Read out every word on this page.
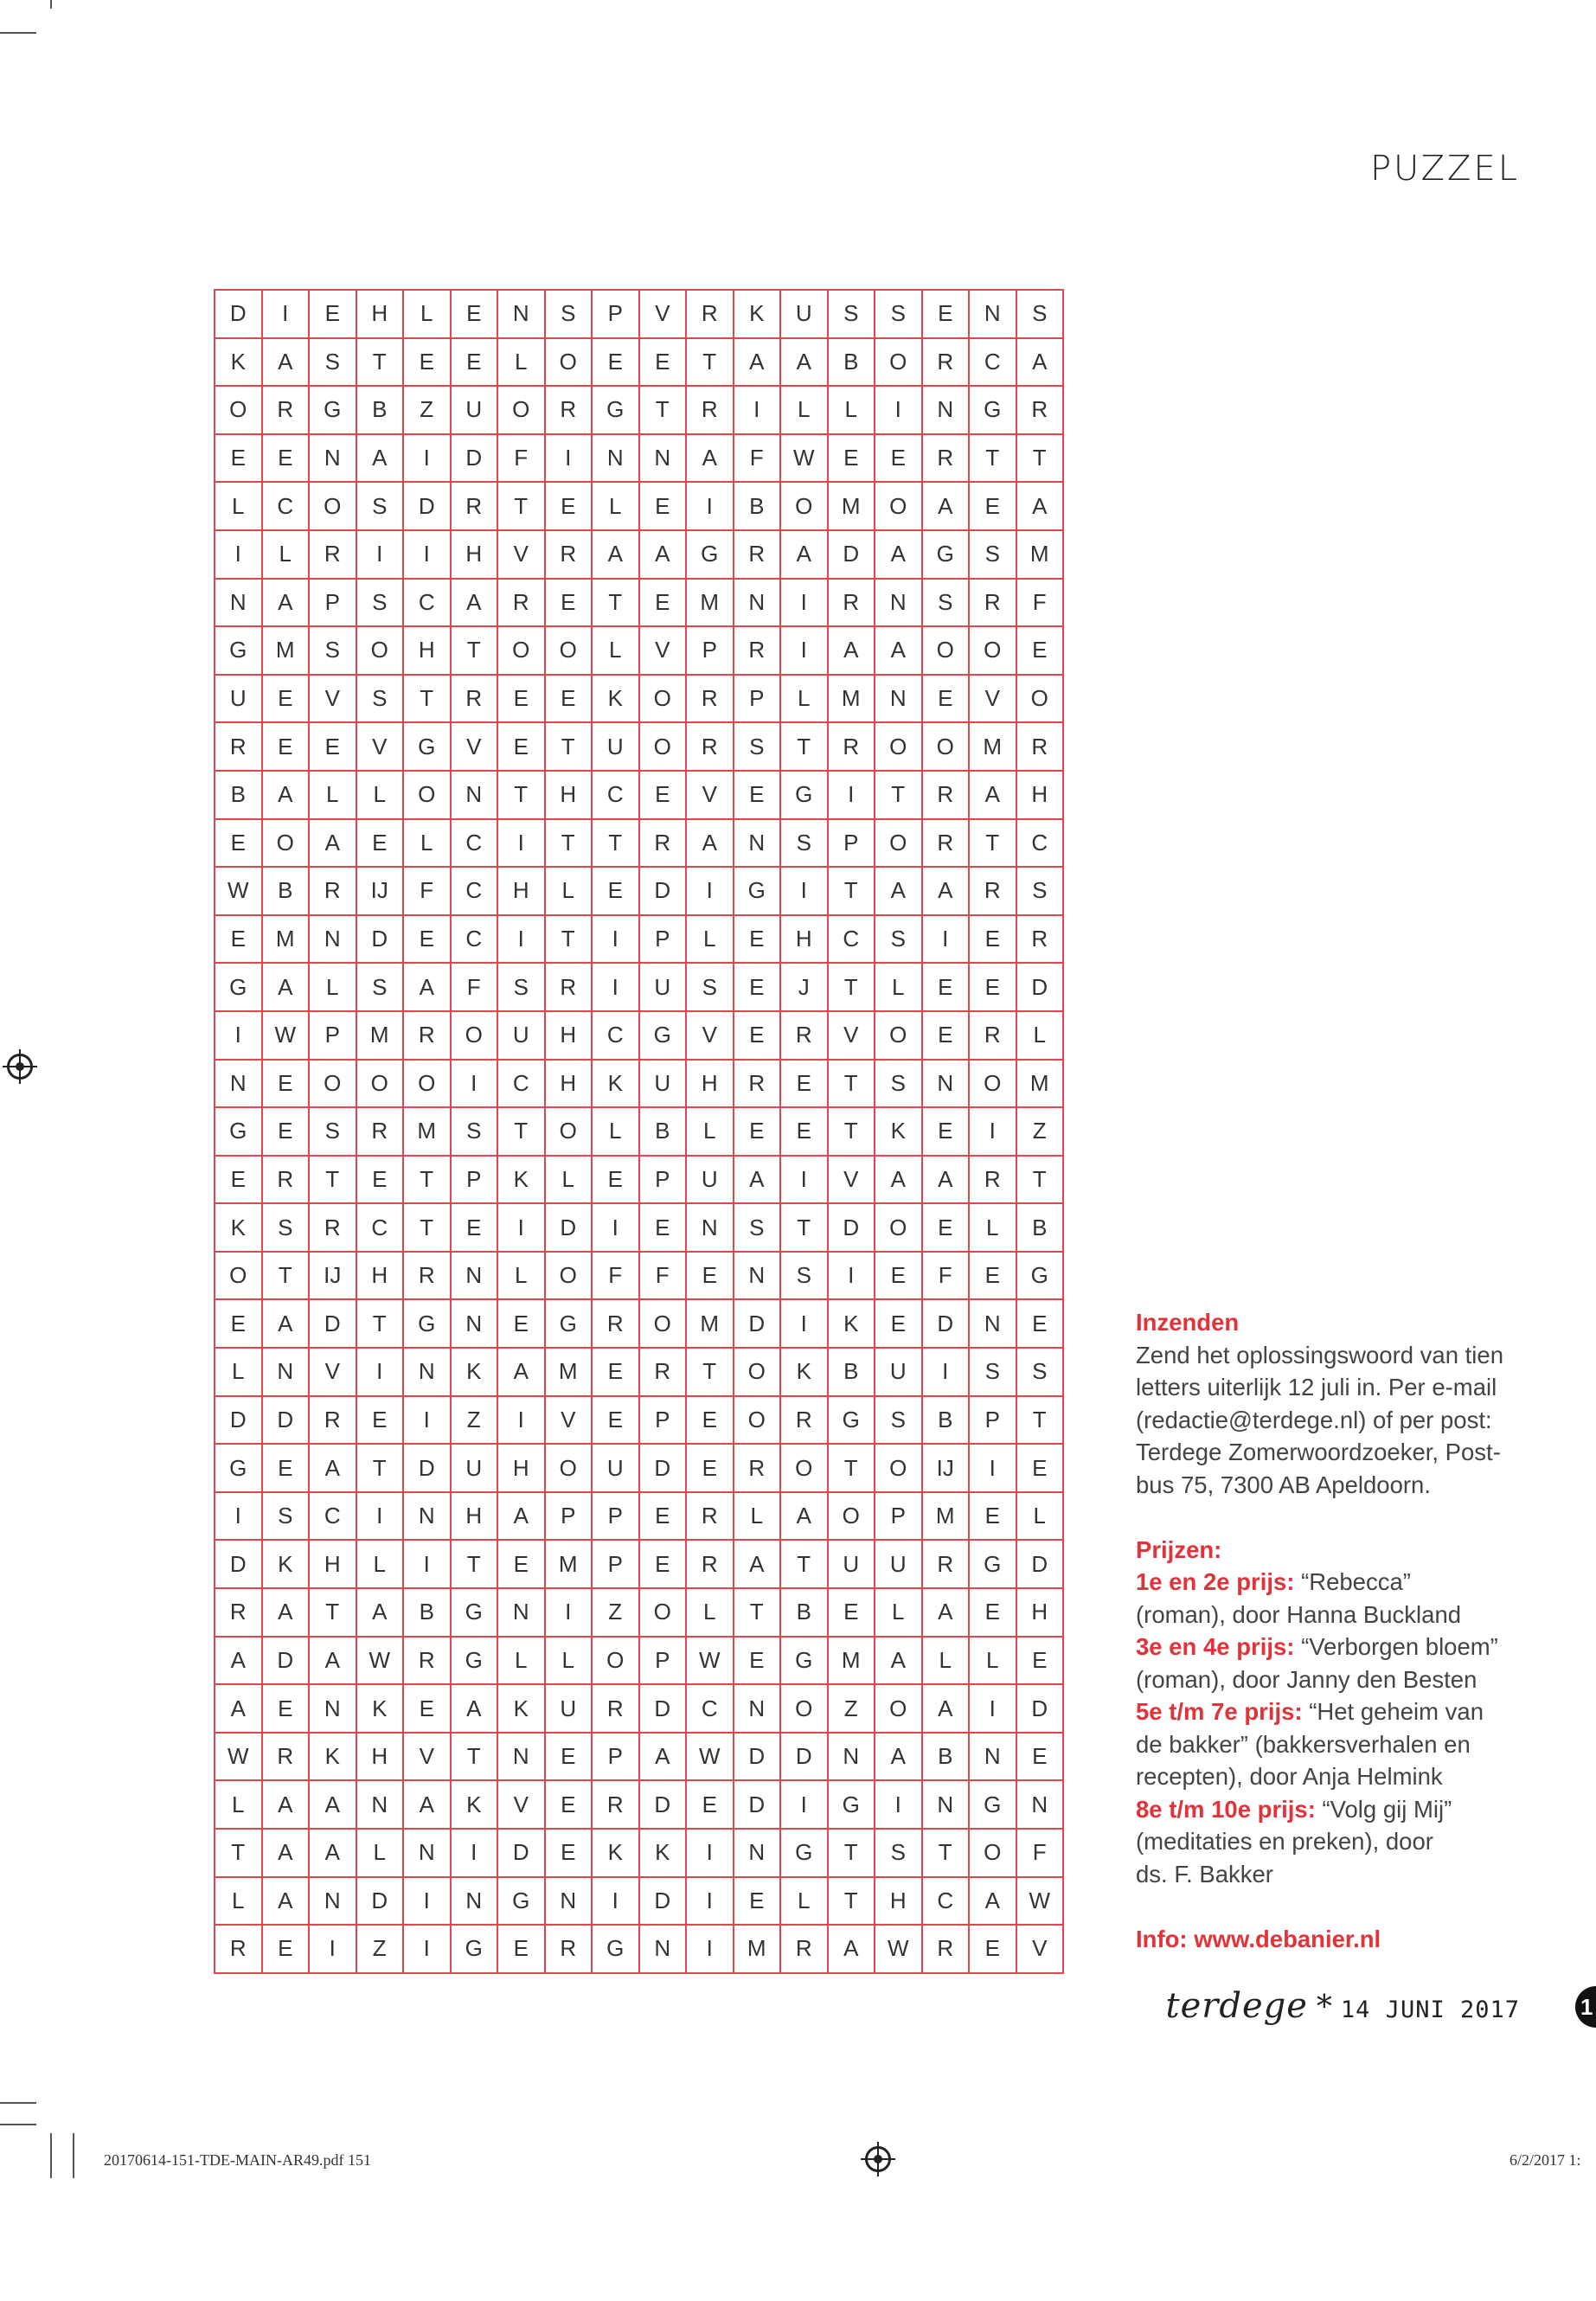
PUZZEL
D	I	E	H	L	E	N	S	P	V	R	K	U	S	S	E	N	S
K	A	S	T	E	E	L	O	E	E	T	A	A	B	O	R	C	A
O	R	G	B	Z	U	O	R	G	T	R	I	L	L	I	N	G	R
E	E	N	A	I	D	F	I	N	N	A	F	W	E	E	R	T	T
L	C	O	S	D	R	T	E	L	E	I	B	O	M	O	A	E	A
I	L	R	I	I	H	V	R	A	A	G	R	A	D	A	G	S	M
N	A	P	S	C	A	R	E	T	E	M	N	I	R	N	S	R	F
G	M	S	O	H	T	O	O	L	V	P	R	I	A	A	O	O	E
U	E	V	S	T	R	E	E	K	O	R	P	L	M	N	E	V	O
R	E	E	V	G	V	E	T	U	O	R	S	T	R	O	O	M	R
B	A	L	L	O	N	T	H	C	E	V	E	G	I	T	R	A	H
E	O	A	E	L	C	I	T	T	R	A	N	S	P	O	R	T	C
W	B	R	IJ	F	C	H	L	E	D	I	G	I	T	A	A	R	S
E	M	N	D	E	C	I	T	I	P	L	E	H	C	S	I	E	R
G	A	L	S	A	F	S	R	I	U	S	E	J	T	L	E	E	D
I	W	P	M	R	O	U	H	C	G	V	E	R	V	O	E	R	L
N	E	O	O	O	I	C	H	K	U	H	R	E	T	S	N	O	M
G	E	S	R	M	S	T	O	L	B	L	E	E	T	K	E	I	Z
E	R	T	E	T	P	K	L	E	P	U	A	I	V	A	A	R	T
K	S	R	C	T	E	I	D	I	E	N	S	T	D	O	E	L	B
O	T	IJ	H	R	N	L	O	F	F	E	N	S	I	E	F	E	G
E	A	D	T	G	N	E	G	R	O	M	D	I	K	E	D	N	E
L	N	V	I	N	K	A	M	E	R	T	O	K	B	U	I	S	S
D	D	R	E	I	Z	I	V	E	P	E	O	R	G	S	B	P	T
G	E	A	T	D	U	H	O	U	D	E	R	O	T	O	IJ	I	E
I	S	C	I	N	H	A	P	P	E	R	L	A	O	P	M	E	L
D	K	H	L	I	T	E	M	P	E	R	A	T	U	U	R	G	D
R	A	T	A	B	G	N	I	Z	O	L	T	B	E	L	A	E	H
A	D	A	W	R	G	L	L	O	P	W	E	G	M	A	L	L	E
A	E	N	K	E	A	K	U	R	D	C	N	O	Z	O	A	I	D
W	R	K	H	V	T	N	E	P	A	W	D	D	N	A	B	N	E
L	A	A	N	A	K	V	E	R	D	E	D	I	G	I	N	G	N
T	A	A	L	N	I	D	E	K	K	I	N	G	T	S	T	O	F
L	A	N	D	I	N	G	N	I	D	I	E	L	T	H	C	A	W
R	E	I	Z	I	G	E	R	G	N	I	M	R	A	W	R	E	V

Inzenden

Zend het oplossingswoord van tien

letters uiterlijk 12 juli in. Per e-mail

(redactie@terdege.nl) of per post:

Terdege Zomerwoordzoeker, Post-

bus 75, 7300 AB Apeldoorn.

Prijzen:

1e en 2e prijs: “Rebecca”

(roman), door Hanna Buckland

3e en 4e prijs: “Verborgen bloem”

(roman), door Janny den Besten

5e t/m 7e prijs: “Het geheim van

de bakker” (bakkersverhalen en

recepten), door Anja Helmink

8e t/m 10e prijs: “Volg gij Mij”

(meditaties en preken), door

ds. F. Bakker

Info: www.debanier.nl

terdege * 14 JUNI 2017	1
20170614-151-TDE-MAIN-AR49.pdf 151	6/2/2017 1:
